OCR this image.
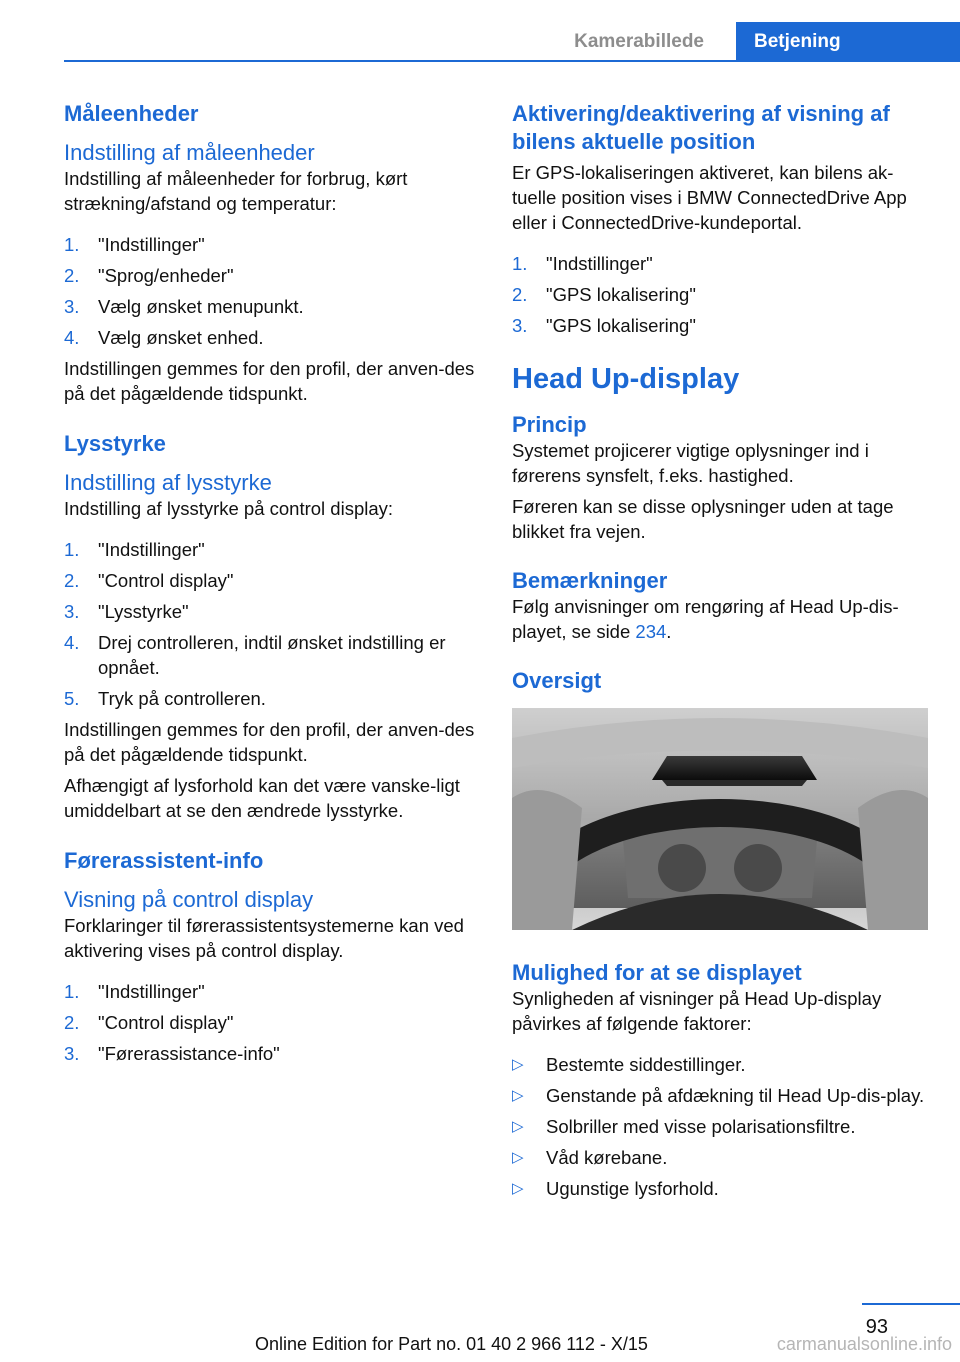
Kamerabillede	Betjening
Måleenheder
Indstilling af måleenheder

Indstilling af måleenheder for forbrug, kørt strækning/afstand og temperatur:

1. "Indstillinger"
2. "Sprog/enheder"
3. Vælg ønsket menupunkt.
4. Vælg ønsket enhed.

Indstillingen gemmes for den profil, der anven‐des på det pågældende tidspunkt.

Lysstyrke
Indstilling af lysstyrke

Indstilling af lysstyrke på control display:

1. "Indstillinger"
2. "Control display"
3. "Lysstyrke"
4. Drej controlleren, indtil ønsket indstilling er opnået.
5. Tryk på controlleren.

Indstillingen gemmes for den profil, der anven‐des på det pågældende tidspunkt.

Afhængigt af lysforhold kan det være vanske‐ligt umiddelbart at se den ændrede lysstyrke.

Førerassistent-info
Visning på control display

Forklaringer til førerassistentsystemerne kan ved aktivering vises på control display.

1. "Indstillinger"
2. "Control display"
3. "Førerassistance-info"
Aktivering/deaktivering af visning af bilens aktuelle position

Er GPS-lokaliseringen aktiveret, kan bilens ak‐tuelle position vises i BMW ConnectedDrive App eller i ConnectedDrive-kundeportal.

1. "Indstillinger"
2. "GPS lokalisering"
3. "GPS lokalisering"
Head Up-display
Princip

Systemet projicerer vigtige oplysninger ind i førerens synsfelt, f.eks. hastighed.

Føreren kan se disse oplysninger uden at tage blikket fra vejen.

Bemærkninger

Følg anvisninger om rengøring af Head Up-dis‐playet, se side 234.

Oversigt
Mulighed for at se displayet

Synligheden af visninger på Head Up-display påvirkes af følgende faktorer:

▷ Bestemte siddestillinger.
▷ Genstande på afdækning til Head Up-dis‐play.
▷ Solbriller med visse polarisationsfiltre.
▷ Våd kørebane.
▷ Ugunstige lysforhold.
93
Online Edition for Part no. 01 40 2 966 112 - X/15	carmanualsonline.info
